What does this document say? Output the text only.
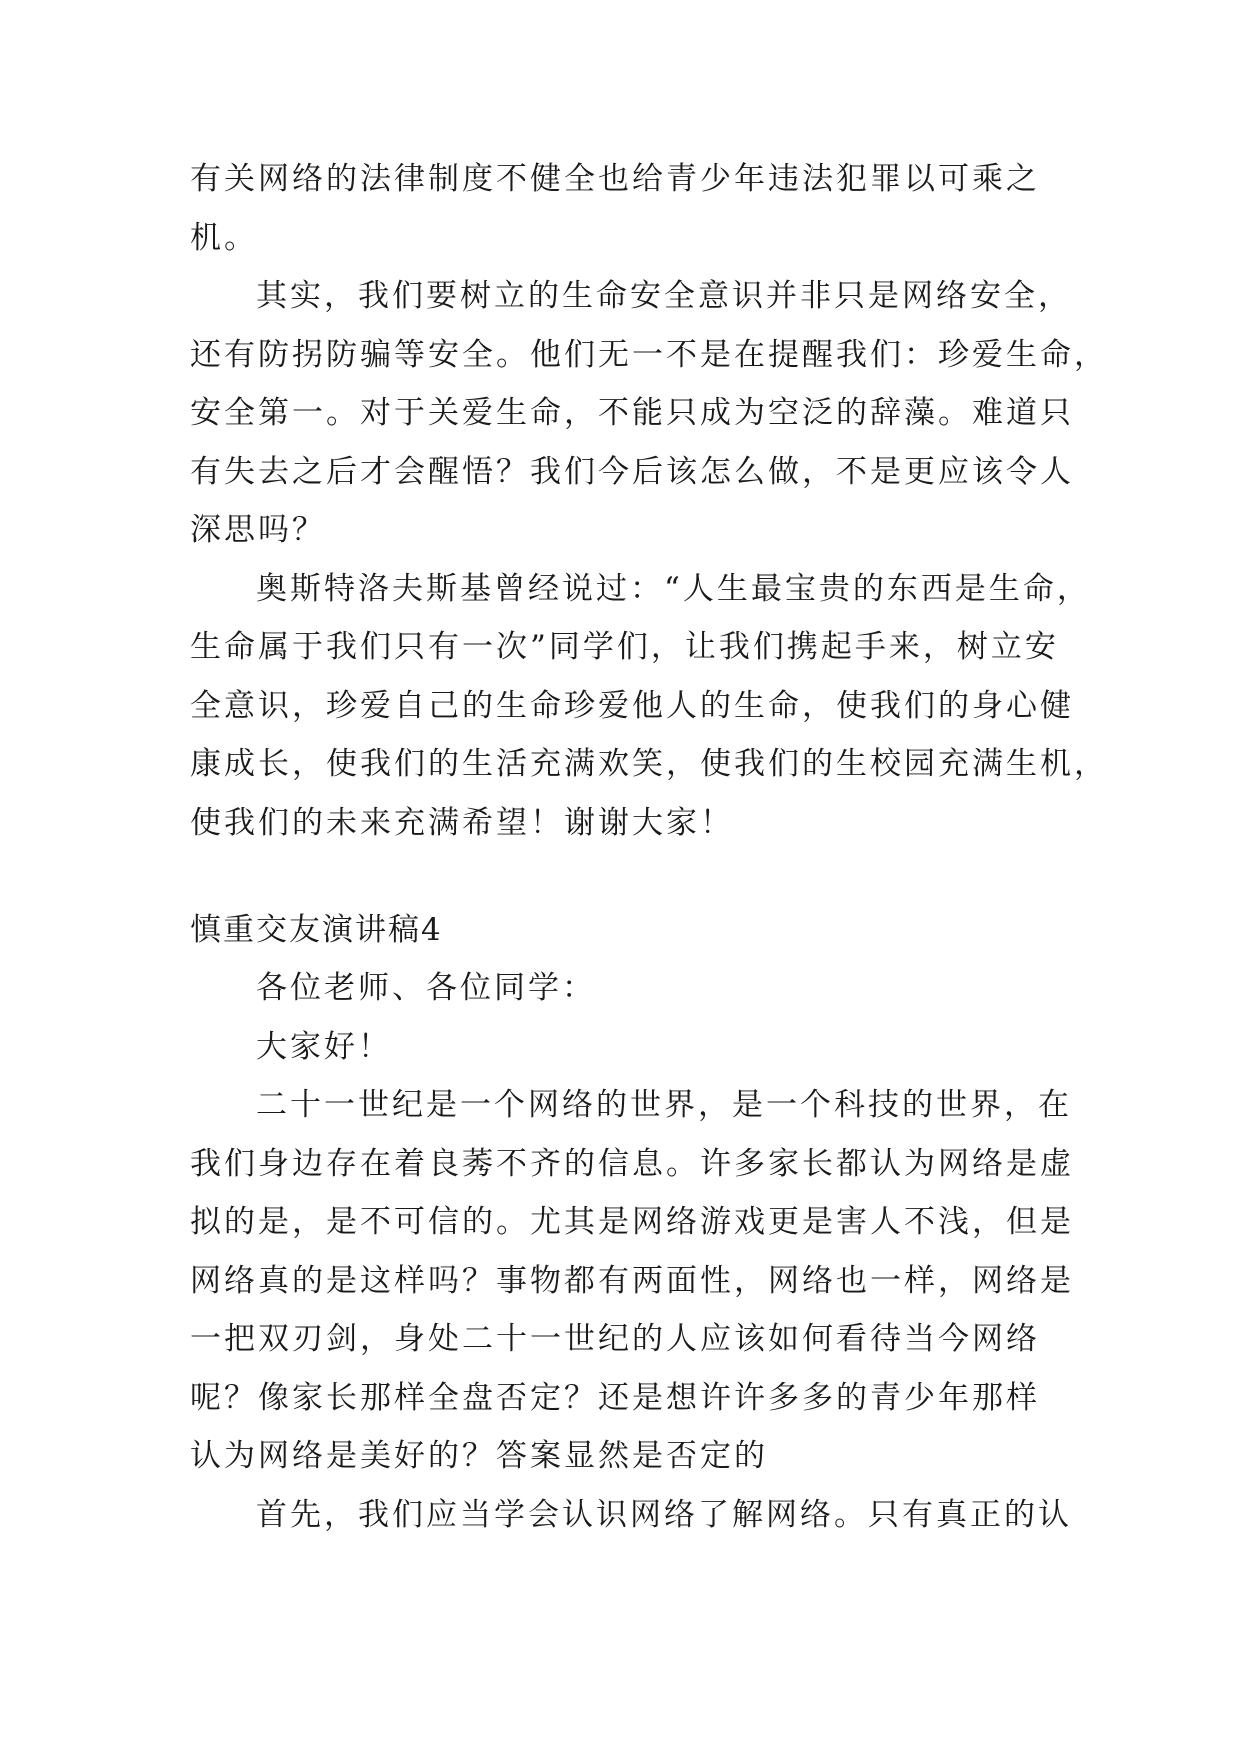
有关网络的法律制度不健全也给青少年违法犯罪以可乘之
机。
其实，我们要树立的生命安全意识并非只是网络安全，
还有防拐防骗等安全。他们无一不是在提醒我们：珍爱生命，
安全第一。对于关爱生命，不能只成为空泛的辞藻。难道只
有失去之后才会醒悟？我们今后该怎么做，不是更应该令人
深思吗？
奥斯特洛夫斯基曾经说过：“人生最宝贵的东西是生命，
生命属于我们只有一次”同学们，让我们携起手来，树立安
全意识，珍爱自己的生命珍爱他人的生命，使我们的身心健
康成长，使我们的生活充满欢笑，使我们的生校园充满生机，
使我们的未来充满希望！谢谢大家！
慎重交友演讲稿4
各位老师、各位同学：
大家好！
二十一世纪是一个网络的世界，是一个科技的世界，在
我们身边存在着良莠不齐的信息。许多家长都认为网络是虚
拟的是，是不可信的。尤其是网络游戏更是害人不浅，但是
网络真的是这样吗？事物都有两面性，网络也一样，网络是
一把双刃剑，身处二十一世纪的人应该如何看待当今网络
呢？像家长那样全盘否定？还是想许许多多的青少年那样
认为网络是美好的？答案显然是否定的
首先，我们应当学会认识网络了解网络。只有真正的认
